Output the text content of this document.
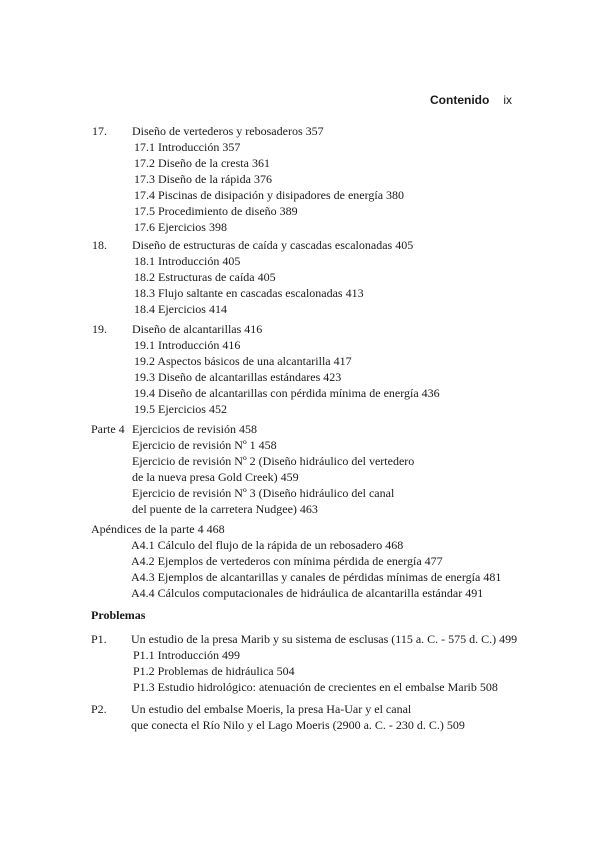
Contenido ix
17. Diseño de vertederos y rebosaderos 357
17.1 Introducción 357
17.2 Diseño de la cresta 361
17.3 Diseño de la rápida 376
17.4 Piscinas de disipación y disipadores de energía 380
17.5 Procedimiento de diseño 389
17.6 Ejercicios 398
18. Diseño de estructuras de caída y cascadas escalonadas 405
18.1 Introducción 405
18.2 Estructuras de caída 405
18.3 Flujo saltante en cascadas escalonadas 413
18.4 Ejercicios 414
19. Diseño de alcantarillas 416
19.1 Introducción 416
19.2 Aspectos básicos de una alcantarilla 417
19.3 Diseño de alcantarillas estándares 423
19.4 Diseño de alcantarillas con pérdida mínima de energía 436
19.5 Ejercicios 452
Parte 4 Ejercicios de revisión 458
Ejercicio de revisión Nº 1 458
Ejercicio de revisión Nº 2 (Diseño hidráulico del vertedero
de la nueva presa Gold Creek) 459
Ejercicio de revisión Nº 3 (Diseño hidráulico del canal
del puente de la carretera Nudgee) 463
Apéndices de la parte 4 468
A4.1 Cálculo del flujo de la rápida de un rebosadero 468
A4.2 Ejemplos de vertederos con mínima pérdida de energía 477
A4.3 Ejemplos de alcantarillas y canales de pérdidas mínimas de energía 481
A4.4 Cálculos computacionales de hidráulica de alcantarilla estándar 491
Problemas
P1. Un estudio de la presa Marib y su sistema de esclusas (115 a. C. - 575 d. C.) 499
P1.1 Introducción 499
P1.2 Problemas de hidráulica 504
P1.3 Estudio hidrológico: atenuación de crecientes en el embalse Marib 508
P2. Un estudio del embalse Moeris, la presa Ha-Uar y el canal
que conecta el Río Nilo y el Lago Moeris (2900 a. C. - 230 d. C.) 509
